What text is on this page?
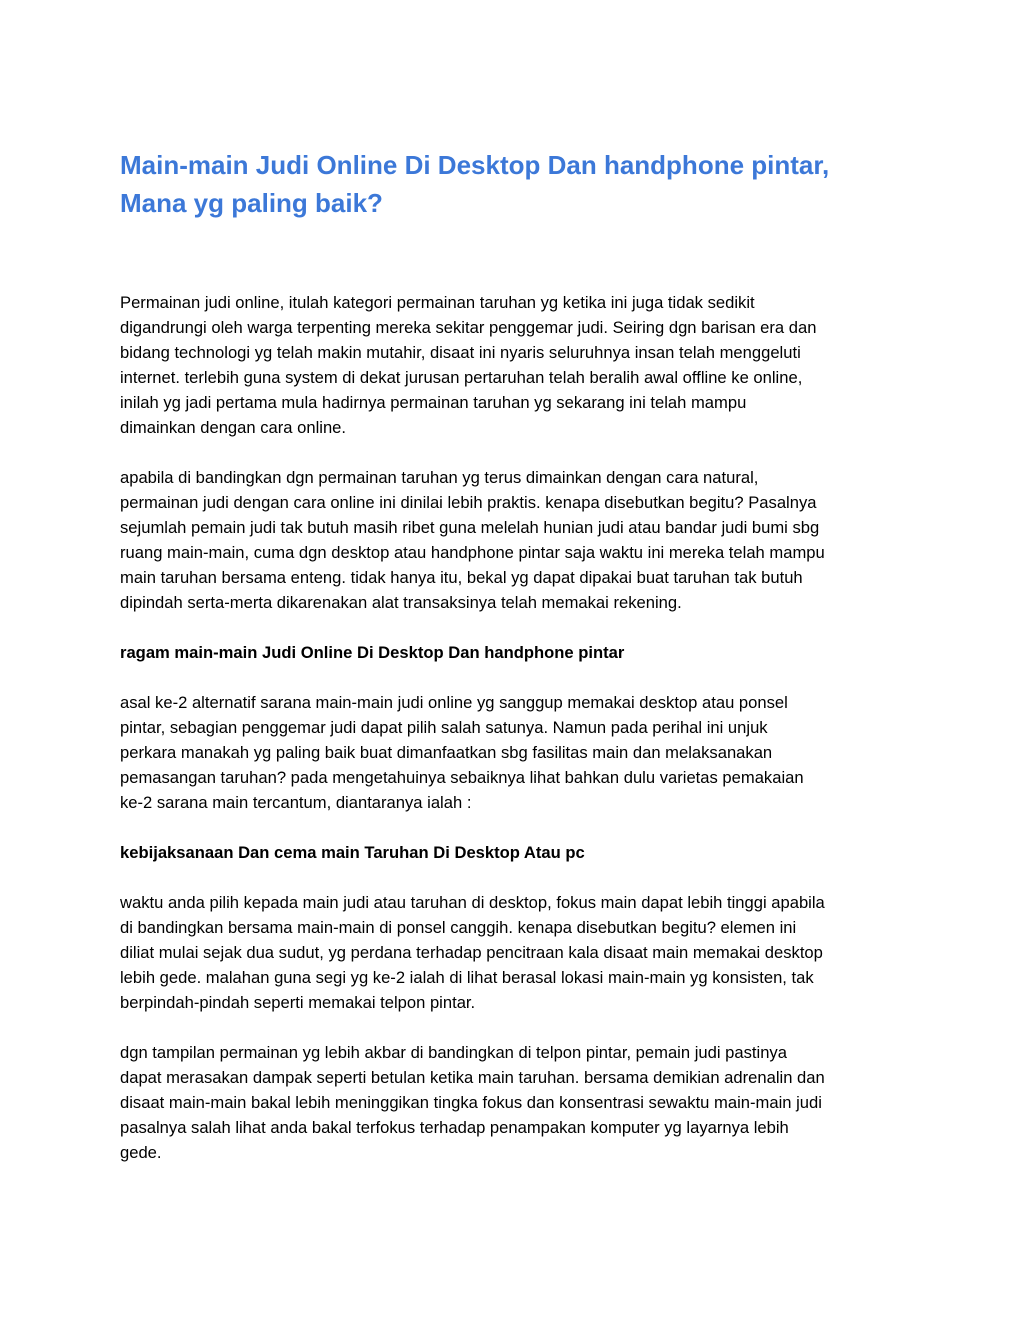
Main-main Judi Online Di Desktop Dan handphone pintar,
Mana yg paling baik?

Permainan judi online, itulah kategori permainan taruhan yg ketika ini juga tidak sedikit
digandrungi oleh warga terpenting mereka sekitar penggemar judi. Seiring dgn barisan era dan
bidang technologi yg telah makin mutahir, disaat ini nyaris seluruhnya insan telah menggeluti
internet. terlebih guna system di dekat jurusan pertaruhan telah beralih awal offline ke online,
inilah yg jadi pertama mula hadirnya permainan taruhan yg sekarang ini telah mampu
dimainkan dengan cara online.

apabila di bandingkan dgn permainan taruhan yg terus dimainkan dengan cara natural,
permainan judi dengan cara online ini dinilai lebih praktis. kenapa disebutkan begitu? Pasalnya
sejumlah pemain judi tak butuh masih ribet guna melelah hunian judi atau bandar judi bumi sbg
ruang main-main, cuma dgn desktop atau handphone pintar saja waktu ini mereka telah mampu
main taruhan bersama enteng. tidak hanya itu, bekal yg dapat dipakai buat taruhan tak butuh
dipindah serta-merta dikarenakan alat transaksinya telah memakai rekening.

ragam main-main Judi Online Di Desktop Dan handphone pintar

asal ke-2 alternatif sarana main-main judi online yg sanggup memakai desktop atau ponsel
pintar, sebagian penggemar judi dapat pilih salah satunya. Namun pada perihal ini unjuk
perkara manakah yg paling baik buat dimanfaatkan sbg fasilitas main dan melaksanakan
pemasangan taruhan? pada mengetahuinya sebaiknya lihat bahkan dulu varietas pemakaian
ke-2 sarana main tercantum, diantaranya ialah :

kebijaksanaan Dan cema main Taruhan Di Desktop Atau pc

waktu anda pilih kepada main judi atau taruhan di desktop, fokus main dapat lebih tinggi apabila
di bandingkan bersama main-main di ponsel canggih. kenapa disebutkan begitu? elemen ini
diliat mulai sejak dua sudut, yg perdana terhadap pencitraan kala disaat main memakai desktop
lebih gede. malahan guna segi yg ke-2 ialah di lihat berasal lokasi main-main yg konsisten, tak
berpindah-pindah seperti memakai telpon pintar.

dgn tampilan permainan yg lebih akbar di bandingkan di telpon pintar, pemain judi pastinya
dapat merasakan dampak seperti betulan ketika main taruhan. bersama demikian adrenalin dan
disaat main-main bakal lebih meninggikan tingka fokus dan konsentrasi sewaktu main-main judi
pasalnya salah lihat anda bakal terfokus terhadap penampakan komputer yg layarnya lebih
gede.
